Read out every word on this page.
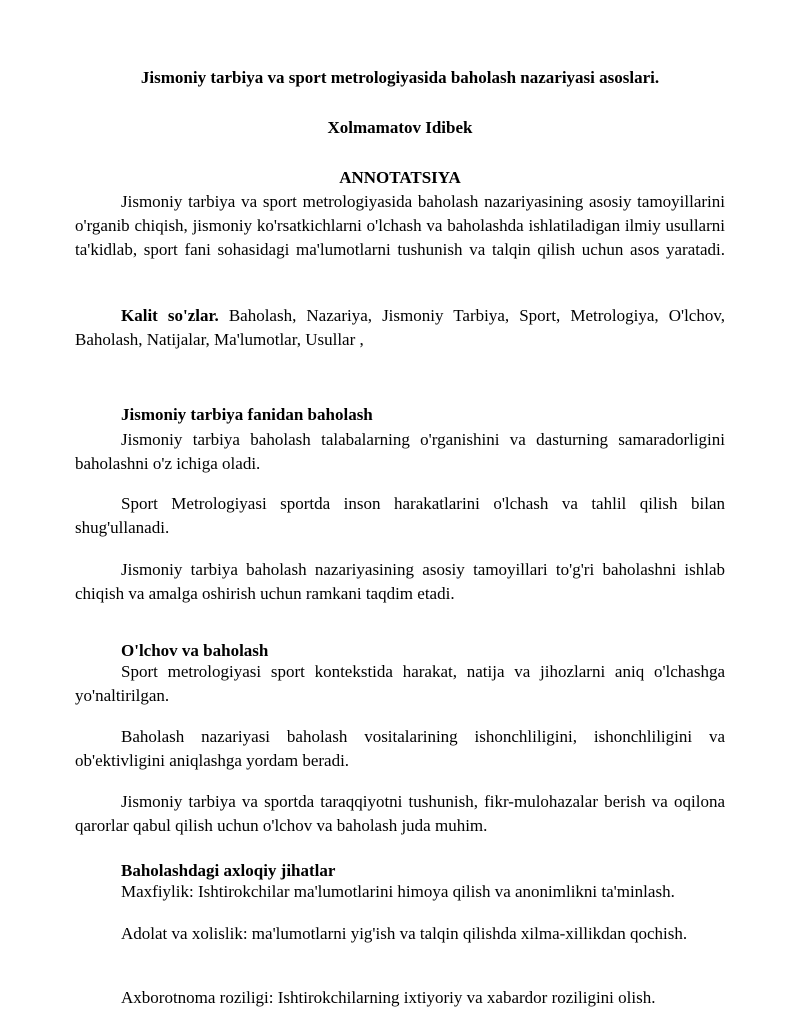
Jismoniy tarbiya va sport metrologiyasida baholash nazariyasi asoslari.

Xolmamatov Idibek

ANNOTATSIYA

Jismoniy tarbiya va sport metrologiyasida baholash nazariyasining asosiy tamoyillarini o'rganib chiqish, jismoniy ko'rsatkichlarni o'lchash va baholashda ishlatiladigan ilmiy usullarni ta'kidlab, sport fani sohasidagi ma'lumotlarni tushunish va talqin qilish uchun asos yaratadi.

Kalit so'zlar. Baholash, Nazariya, Jismoniy Tarbiya, Sport, Metrologiya, O'lchov, Baholash, Natijalar, Ma'lumotlar, Usullar ,

Jismoniy tarbiya fanidan baholash

Jismoniy tarbiya baholash talabalarning o'rganishini va dasturning samaradorligini baholashni o'z ichiga oladi.

Sport Metrologiyasi sportda inson harakatlarini o'lchash va tahlil qilish bilan shug'ullanadi.

Jismoniy tarbiya baholash nazariyasining asosiy tamoyillari to'g'ri baholashni ishlab chiqish va amalga oshirish uchun ramkani taqdim etadi.

O'lchov va baholash

Sport metrologiyasi sport kontekstida harakat, natija va jihozlarni aniq o'lchashga yo'naltirilgan.

Baholash nazariyasi baholash vositalarining ishonchliligini, ishonchliligini va ob'ektivligini aniqlashga yordam beradi.

Jismoniy tarbiya va sportda taraqqiyotni tushunish, fikr-mulohazalar berish va oqilona qarorlar qabul qilish uchun o'lchov va baholash juda muhim.

Baholashdagi axloqiy jihatlar

Maxfiylik: Ishtirokchilar ma'lumotlarini himoya qilish va anonimlikni ta'minlash.

Adolat va xolislik: ma'lumotlarni yig'ish va talqin qilishda xilma-xillikdan qochish.

Axborotnoma roziligi: Ishtirokchilarning ixtiyoriy va xabardor roziligini olish.
